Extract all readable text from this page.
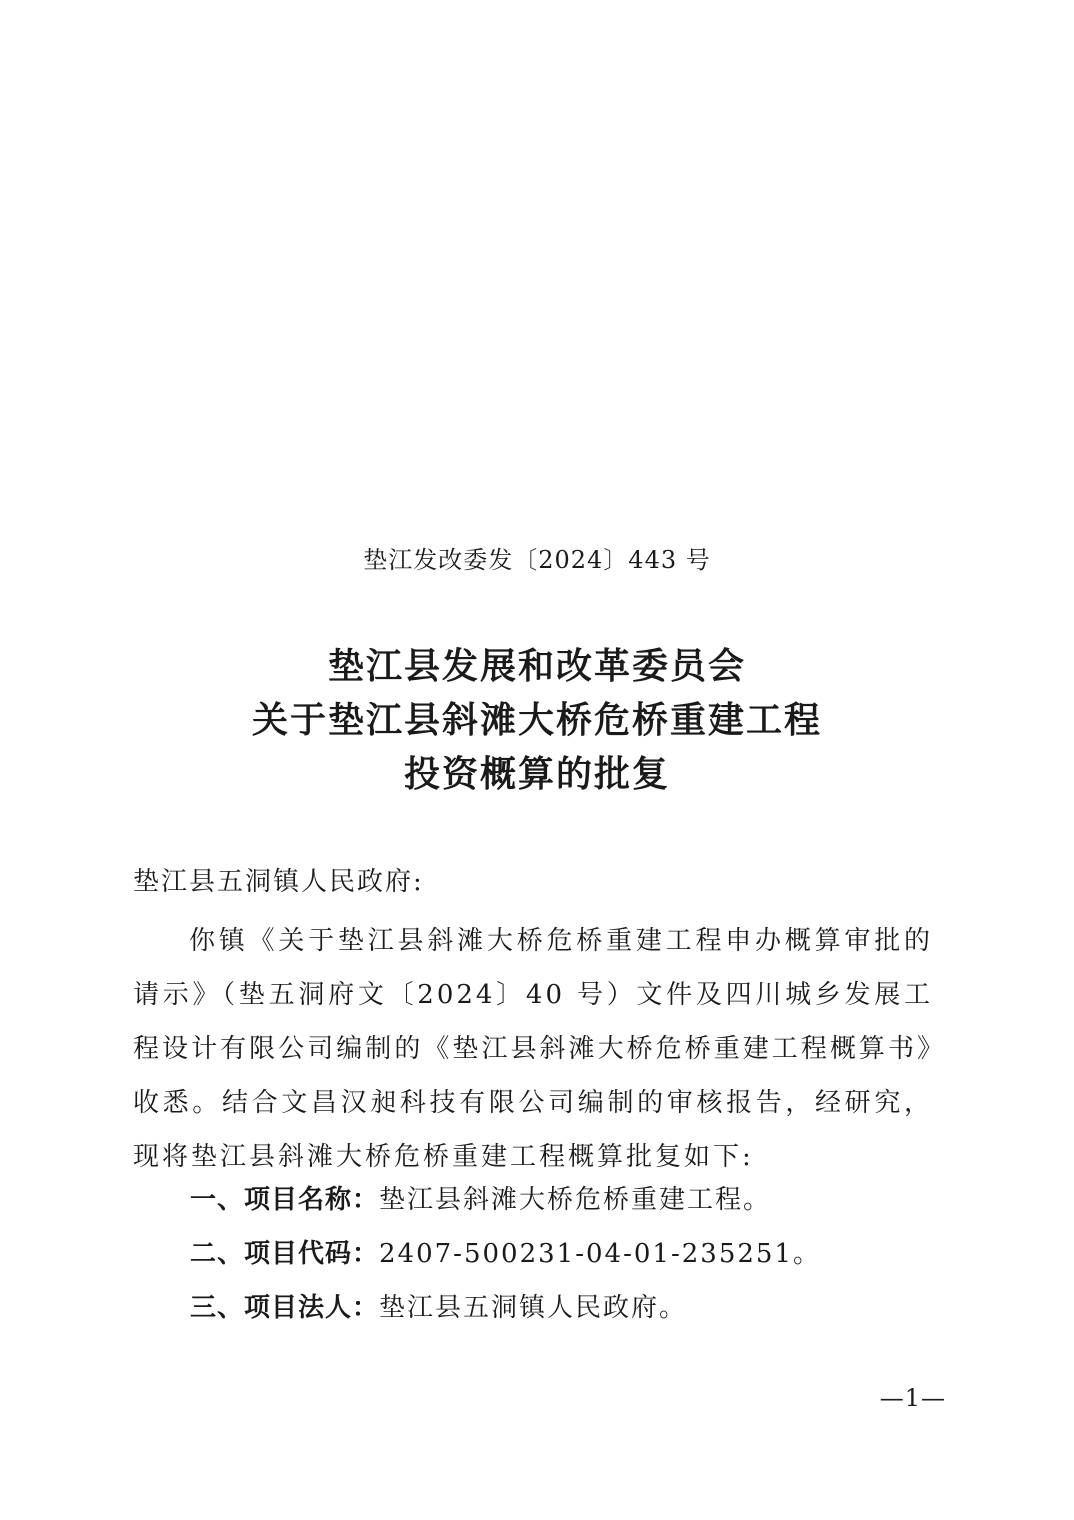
垫江发改委发〔2024〕443 号
垫江县发展和改革委员会
关于垫江县斜滩大桥危桥重建工程
投资概算的批复
垫江县五洞镇人民政府:

你镇《关于垫江县斜滩大桥危桥重建工程申办概算审批的请示》（垫五洞府文〔2024〕40 号）文件及四川城乡发展工程设计有限公司编制的《垫江县斜滩大桥危桥重建工程概算书》收悉。结合文昌汉昶科技有限公司编制的审核报告，经研究，现将垫江县斜滩大桥危桥重建工程概算批复如下:

一、项目名称：垫江县斜滩大桥危桥重建工程。
二、项目代码：2407-500231-04-01-235251。
三、项目法人：垫江县五洞镇人民政府。
—1—
